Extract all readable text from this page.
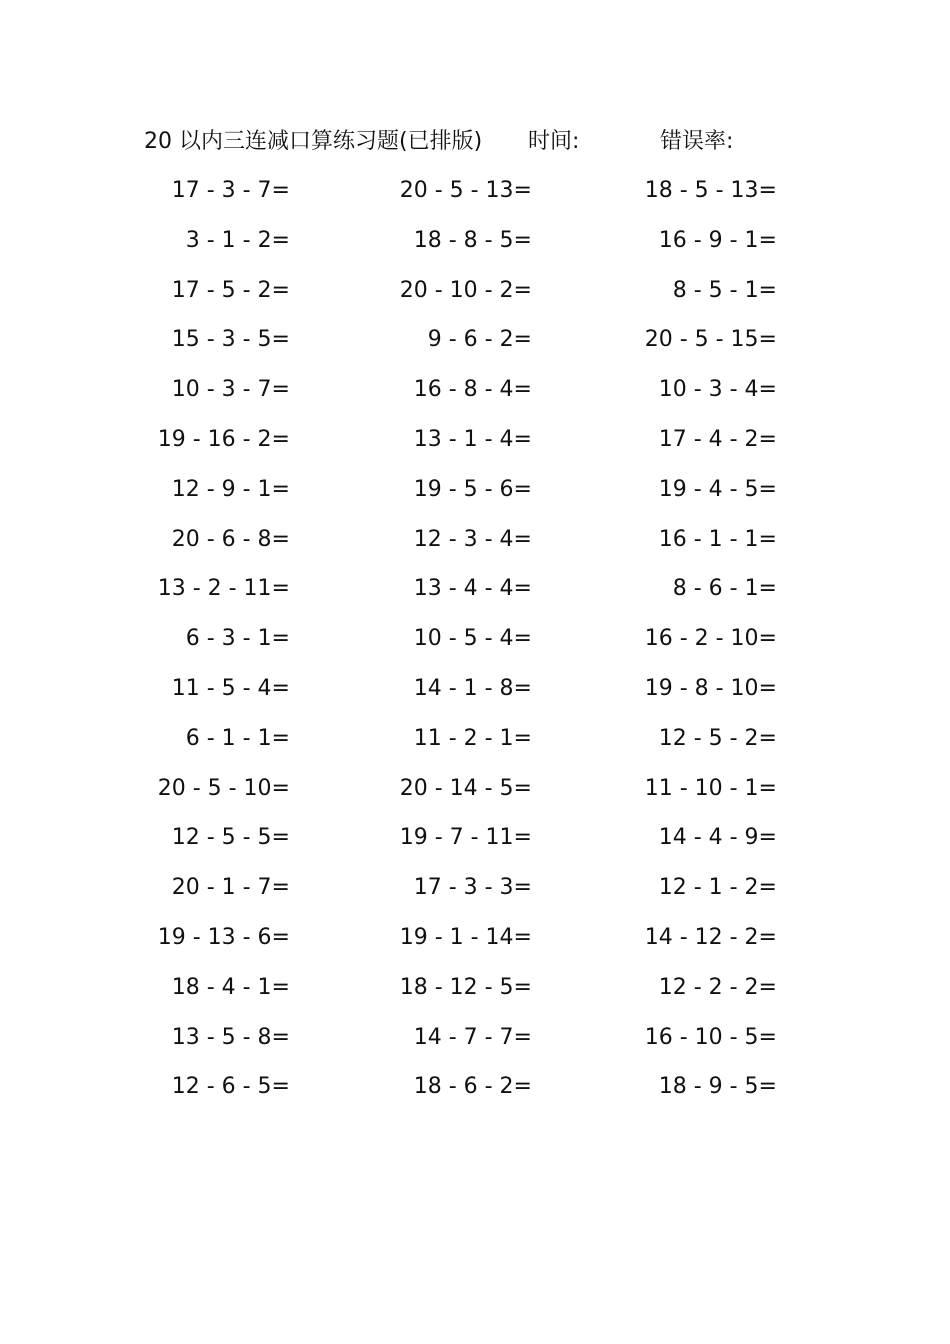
20 以内三连减口算练习题(已排版) 时间:	错误率:
17 - 3 - 7=	20 - 5 - 13=	18 - 5 - 13=
3 - 1 - 2=	18 - 8 - 5=	16 - 9 - 1=
17 - 5 - 2=	20 - 10 - 2=	8 - 5 - 1=
15 - 3 - 5=	9 - 6 - 2=	20 - 5 - 15=
10 - 3 - 7=	16 - 8 - 4=	10 - 3 - 4=
19 - 16 - 2=	13 - 1 - 4=	17 - 4 - 2=
12 - 9 - 1=	19 - 5 - 6=	19 - 4 - 5=
20 - 6 - 8=	12 - 3 - 4=	16 - 1 - 1=
13 - 2 - 11=	13 - 4 - 4=	8 - 6 - 1=
6 - 3 - 1=	10 - 5 - 4=	16 - 2 - 10=
11 - 5 - 4=	14 - 1 - 8=	19 - 8 - 10=
6 - 1 - 1=	11 - 2 - 1=	12 - 5 - 2=
20 - 5 - 10=	20 - 14 - 5=	11 - 10 - 1=
12 - 5 - 5=	19 - 7 - 11=	14 - 4 - 9=
20 - 1 - 7=	17 - 3 - 3=	12 - 1 - 2=
19 - 13 - 6=	19 - 1 - 14=	14 - 12 - 2=
18 - 4 - 1=	18 - 12 - 5=	12 - 2 - 2=
13 - 5 - 8=	14 - 7 - 7=	16 - 10 - 5=
12 - 6 - 5=	18 - 6 - 2=	18 - 9 - 5=
